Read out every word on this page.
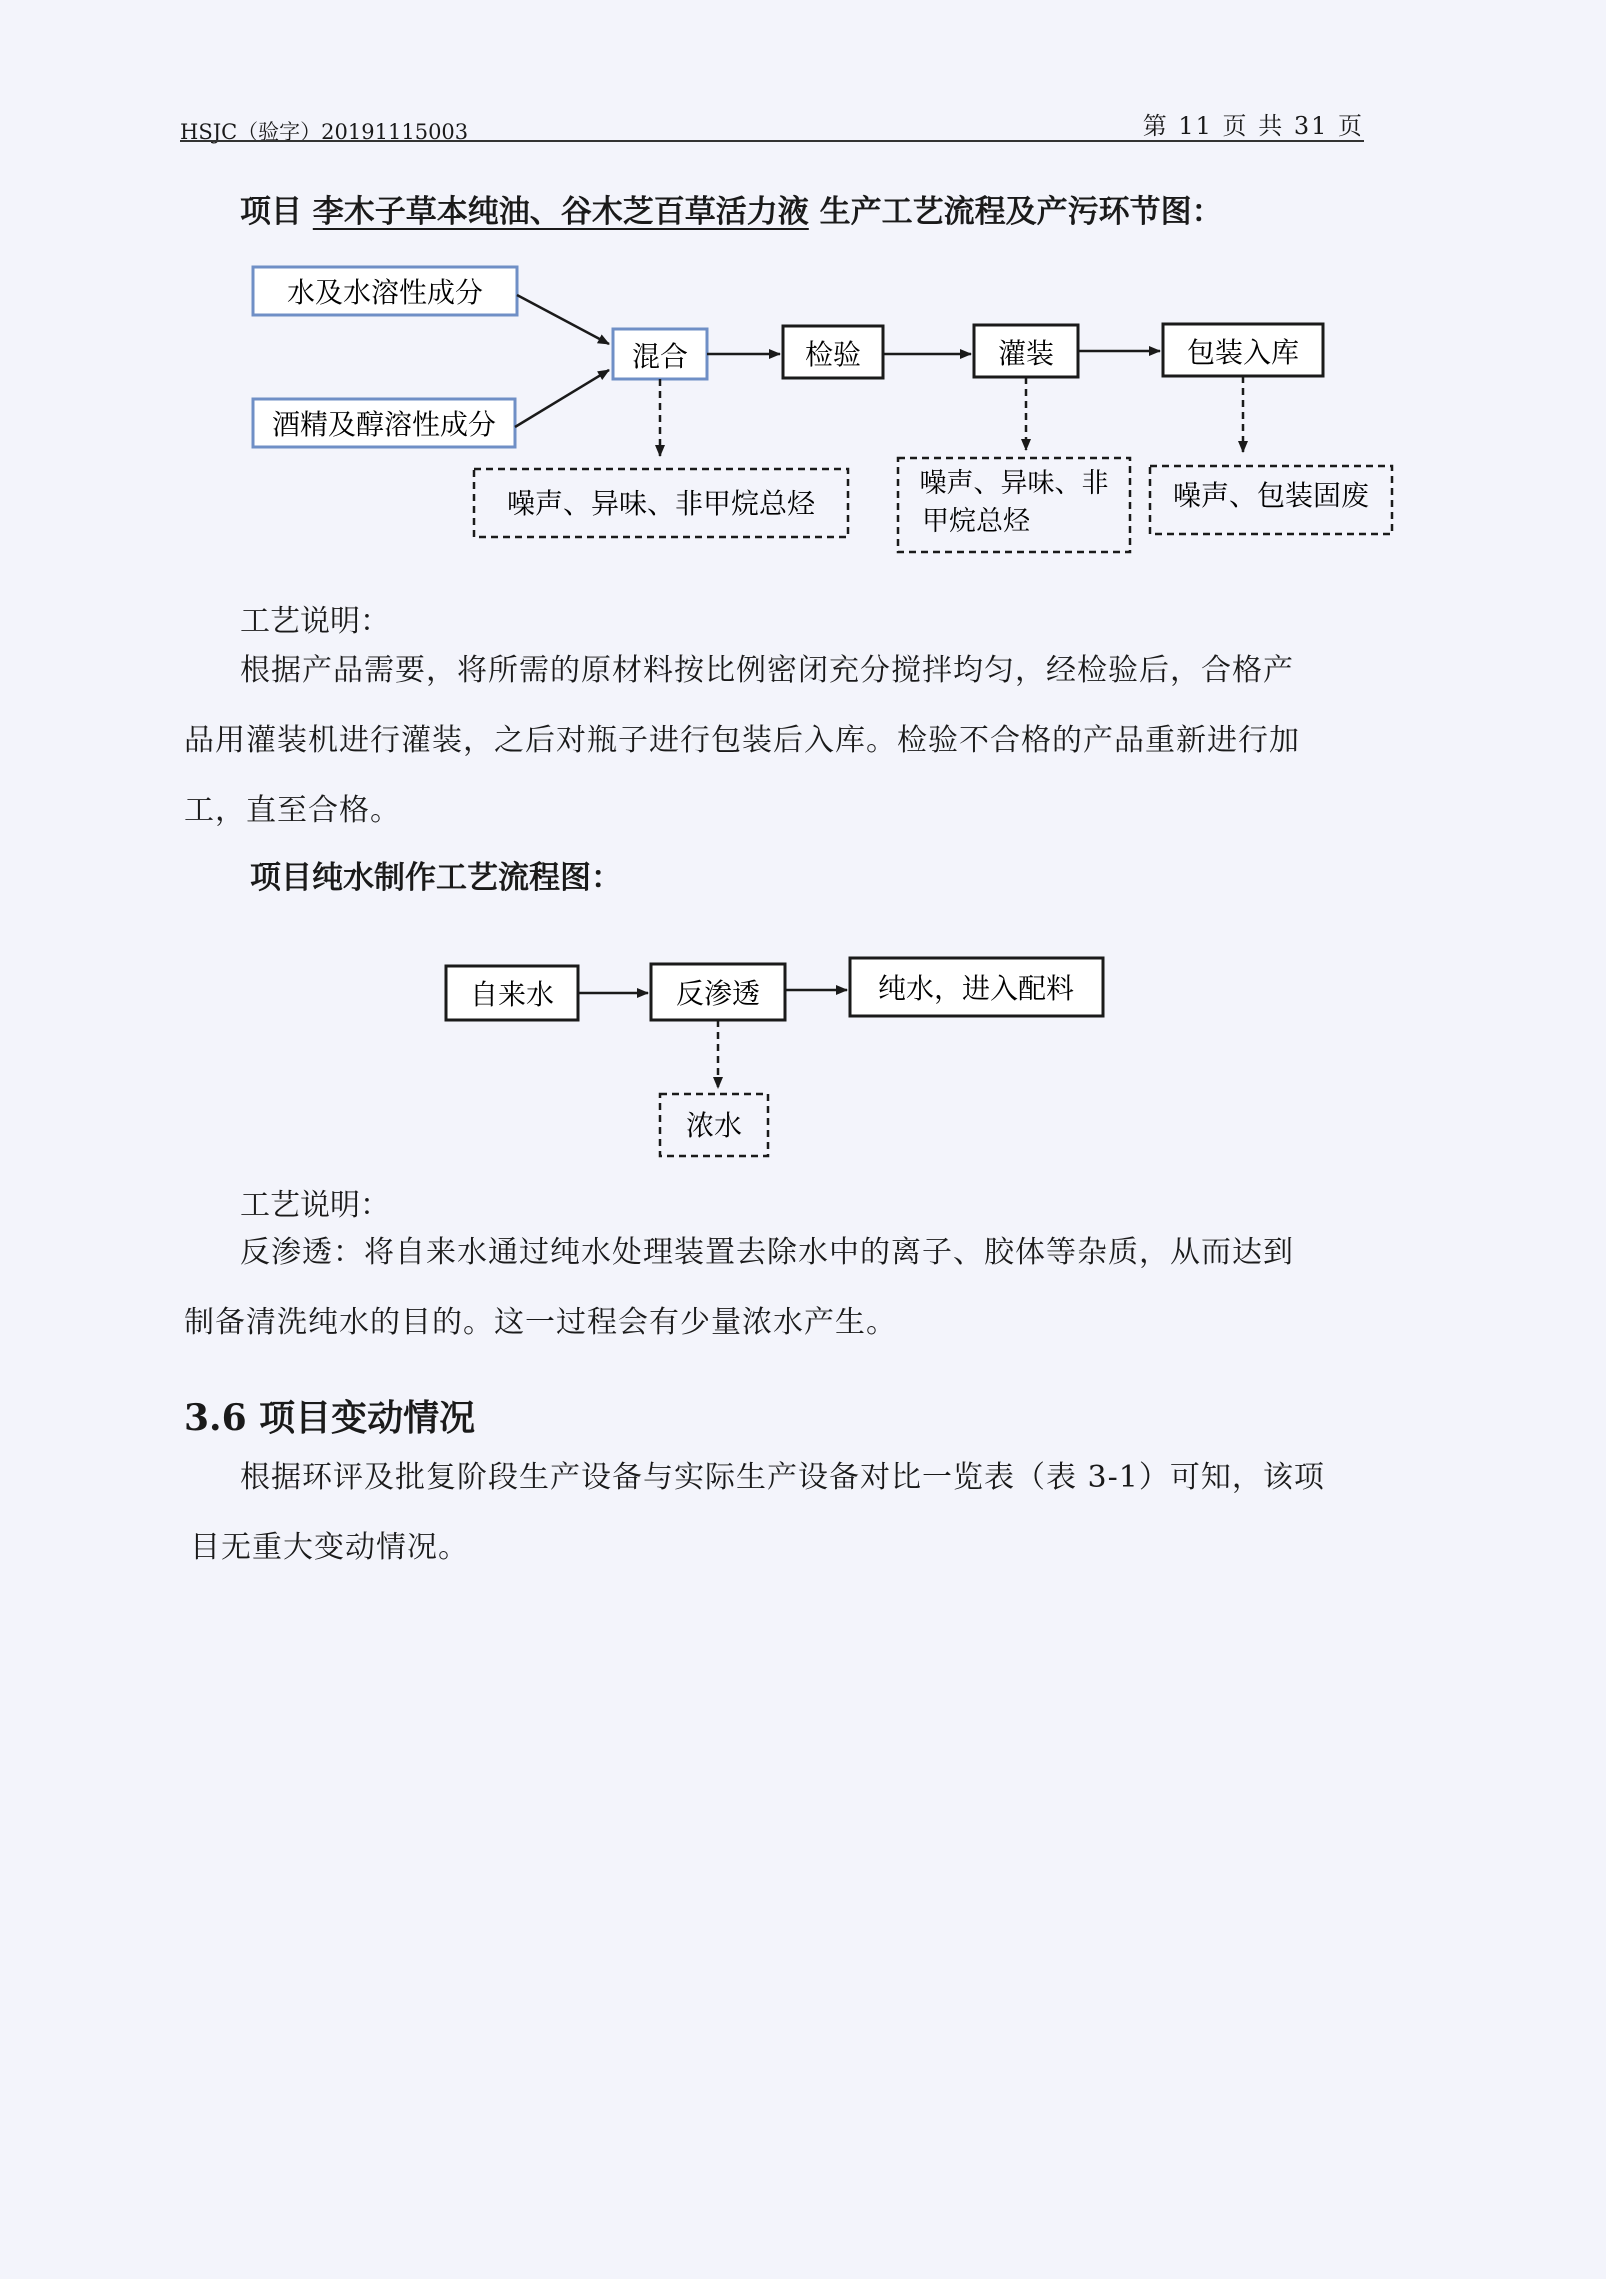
HSJC（验字）20191115003	第 11 页 共 31 页
项目 李木子草本纯油、谷木芝百草活力液 生产工艺流程及产污环节图：
水及水溶性成分
酒精及醇溶性成分
混合	检验	灌装	包装入库
噪声、异味、非甲烷总烃
噪声、异味、非
甲烷总烃
噪声、包装固废
工艺说明：
根据产品需要，将所需的原材料按比例密闭充分搅拌均匀，经检验后，合格产
品用灌装机进行灌装，之后对瓶子进行包装后入库。检验不合格的产品重新进行加
工，直至合格。
项目纯水制作工艺流程图：
自来水	反渗透	纯水，进入配料
浓水
工艺说明：
反渗透：将自来水通过纯水处理装置去除水中的离子、胶体等杂质，从而达到
制备清洗纯水的目的。这一过程会有少量浓水产生。
3.6 项目变动情况
根据环评及批复阶段生产设备与实际生产设备对比一览表（表 3-1）可知，该项
目无重大变动情况。
